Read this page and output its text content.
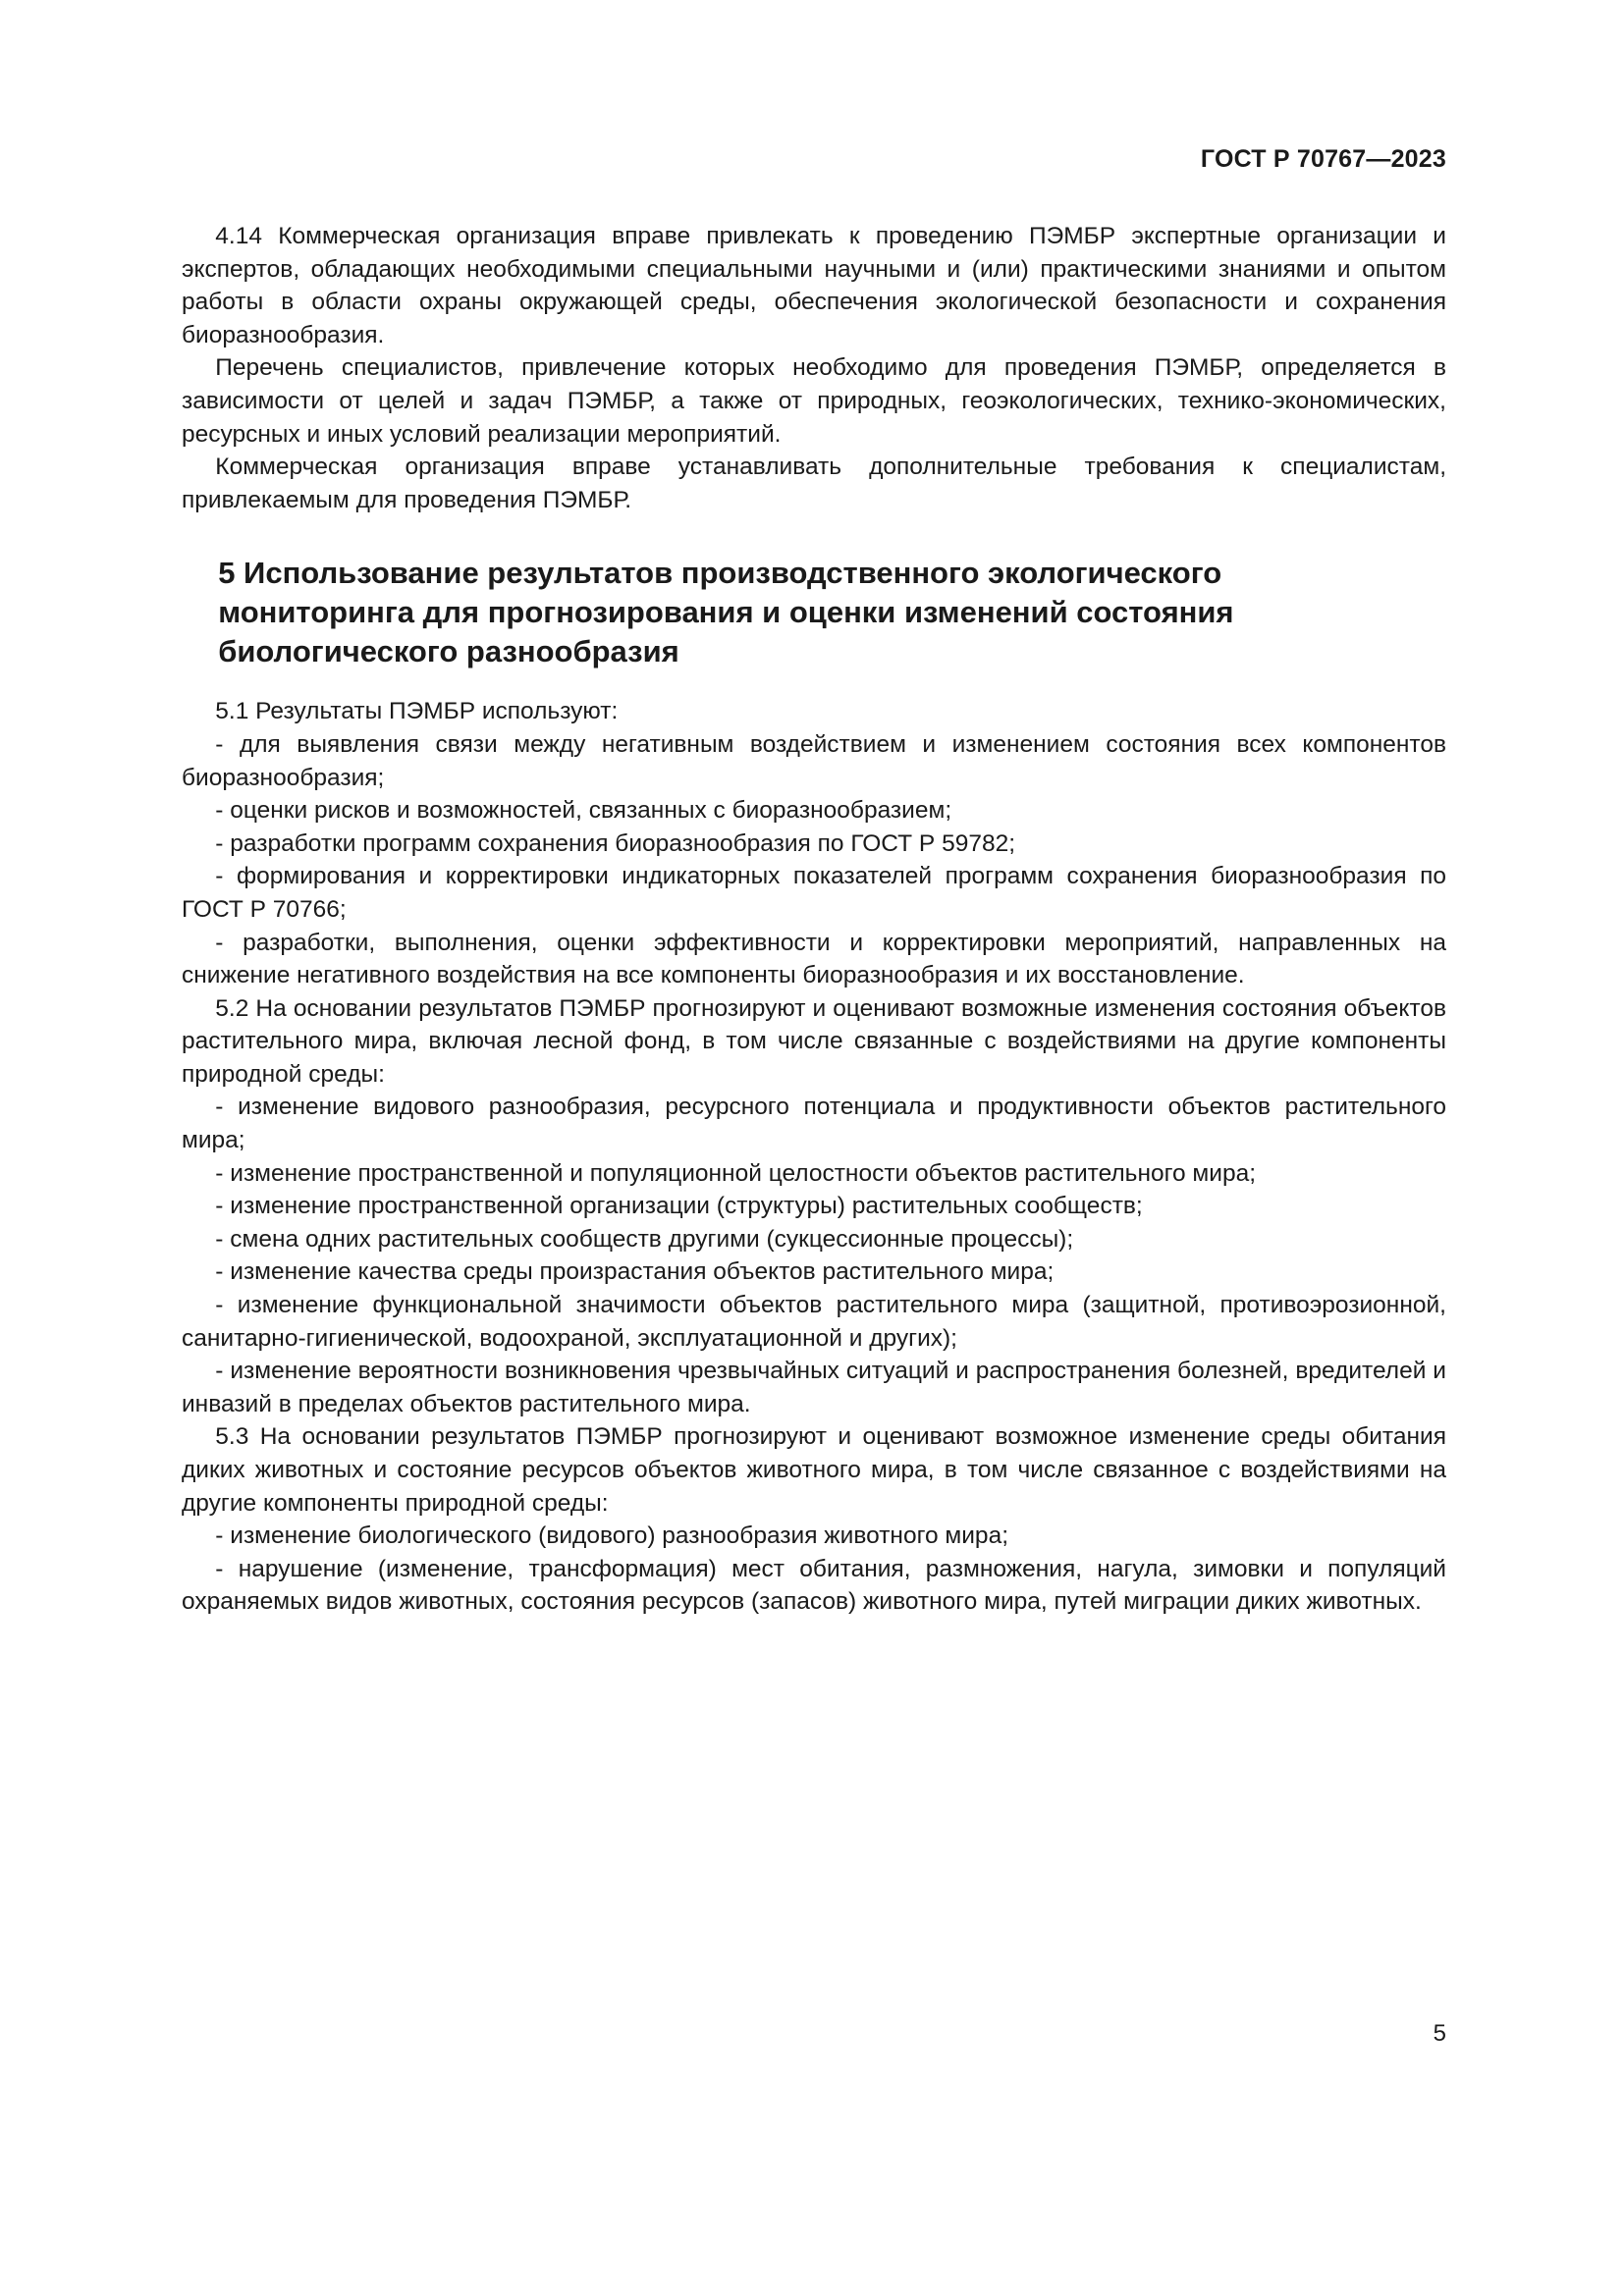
ГОСТ Р 70767—2023

4.14 Коммерческая организация вправе привлекать к проведению ПЭМБР экспертные организации и экспертов, обладающих необходимыми специальными научными и (или) практическими знаниями и опытом работы в области охраны окружающей среды, обеспечения экологической безопасности и сохранения биоразнообразия.

Перечень специалистов, привлечение которых необходимо для проведения ПЭМБР, определяется в зависимости от целей и задач ПЭМБР, а также от природных, геоэкологических, технико-экономических, ресурсных и иных условий реализации мероприятий.

Коммерческая организация вправе устанавливать дополнительные требования к специалистам, привлекаемым для проведения ПЭМБР.

5 Использование результатов производственного экологического мониторинга для прогнозирования и оценки изменений состояния биологического разнообразия

5.1 Результаты ПЭМБР используют:

- для выявления связи между негативным воздействием и изменением состояния всех компонентов биоразнообразия;

- оценки рисков и возможностей, связанных с биоразнообразием;

- разработки программ сохранения биоразнообразия по ГОСТ Р 59782;

- формирования и корректировки индикаторных показателей программ сохранения биоразнообразия по ГОСТ Р 70766;

- разработки, выполнения, оценки эффективности и корректировки мероприятий, направленных на снижение негативного воздействия на все компоненты биоразнообразия и их восстановление.

5.2 На основании результатов ПЭМБР прогнозируют и оценивают возможные изменения состояния объектов растительного мира, включая лесной фонд, в том числе связанные с воздействиями на другие компоненты природной среды:

- изменение видового разнообразия, ресурсного потенциала и продуктивности объектов растительного мира;

- изменение пространственной и популяционной целостности объектов растительного мира;

- изменение пространственной организации (структуры) растительных сообществ;

- смена одних растительных сообществ другими (сукцессионные процессы);

- изменение качества среды произрастания объектов растительного мира;

- изменение функциональной значимости объектов растительного мира (защитной, противоэрозионной, санитарно-гигиенической, водоохраной, эксплуатационной и других);

- изменение вероятности возникновения чрезвычайных ситуаций и распространения болезней, вредителей и инвазий в пределах объектов растительного мира.

5.3 На основании результатов ПЭМБР прогнозируют и оценивают возможное изменение среды обитания диких животных и состояние ресурсов объектов животного мира, в том числе связанное с воздействиями на другие компоненты природной среды:

- изменение биологического (видового) разнообразия животного мира;

- нарушение (изменение, трансформация) мест обитания, размножения, нагула, зимовки и популяций охраняемых видов животных, состояния ресурсов (запасов) животного мира, путей миграции диких животных.

5
